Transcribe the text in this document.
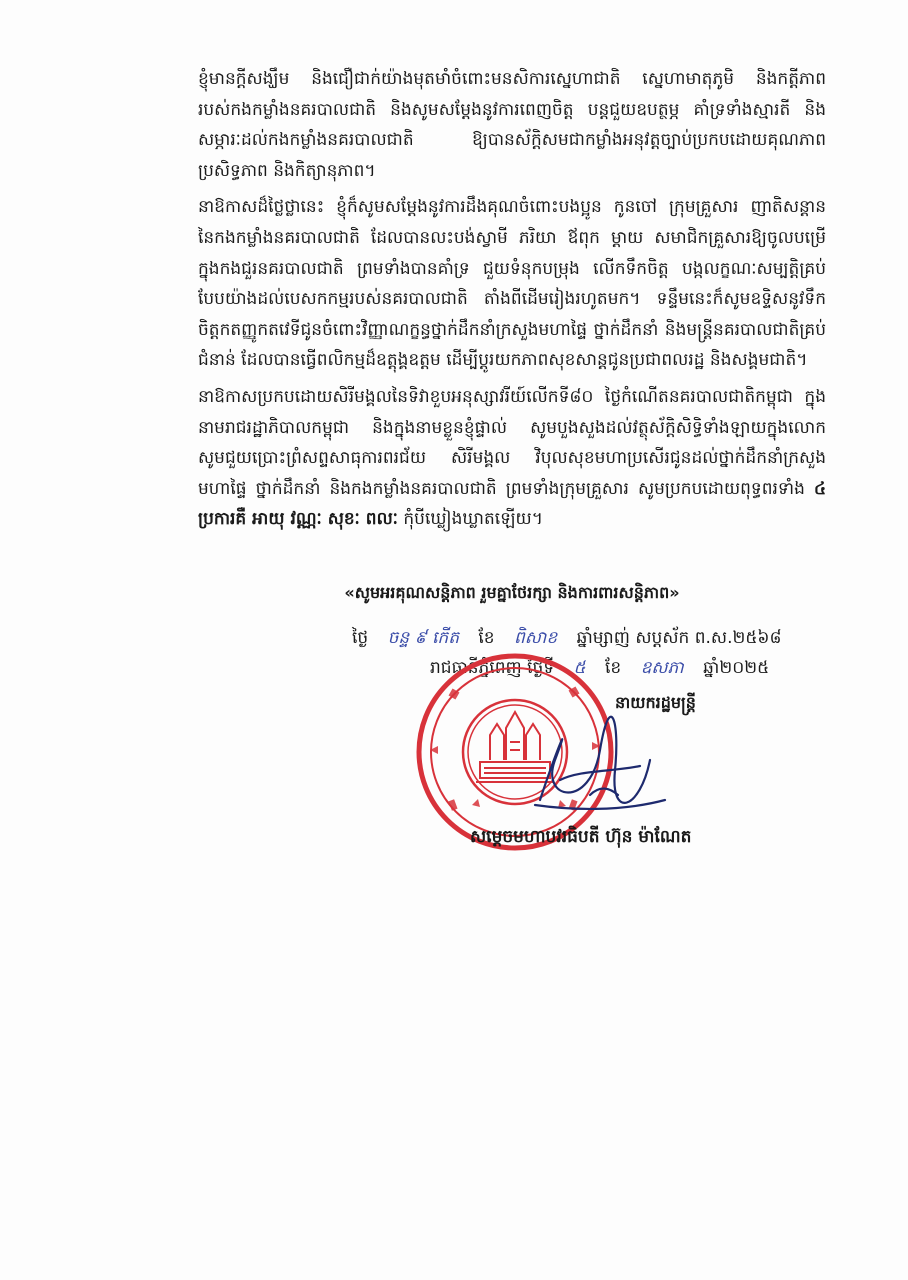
ខ្ញុំមានក្តីសង្ឃឹម និងជឿជាក់យ៉ាងមុតមាំចំពោះមនសិការស្នេហាជាតិ ស្នេហាមាតុភូមិ និងកត្តីភាពរបស់កងកម្លាំងនគរបាលជាតិ និងសូមសម្តែងនូវការពេញចិត្ត បន្តជួយឧបត្ថម្ភ គាំទ្រទាំងស្មារតី និងសម្ភារៈដល់កងកម្លាំងនគរបាលជាតិ ឱ្យបានស័ក្តិសមជាកម្លាំងអនុវត្តច្បាប់ប្រកបដោយគុណភាព ប្រសិទ្ធភាព និងកិត្យានុភាព។

នាឱកាសដ៏ថ្លៃថ្លានេះ ខ្ញុំក៏សូមសម្តែងនូវការដឹងគុណចំពោះបងប្អូន កូនចៅ ក្រុមគ្រួសារ ញាតិសន្តាននៃកងកម្លាំងនគរបាលជាតិ ដែលបានលះបង់ស្វាមី ភរិយា ឪពុក ម្តាយ សមាជិកគ្រួសារឱ្យចូលបម្រើក្នុងកងជួរនគរបាលជាតិ ព្រមទាំងបានគាំទ្រ ជួយទំនុកបម្រុង លើកទឹកចិត្ត បង្កលក្ខណៈសម្បត្តិគ្រប់បែបយ៉ាងដល់បេសកកម្មរបស់នគរបាលជាតិ តាំងពីដើមរៀងរហូតមក។ ទន្ទឹមនេះក៏សូមឧទ្ទិសនូវទឹកចិត្តកតញ្ញូកតវេទីជូនចំពោះវិញ្ញាណក្ខន្ធថ្នាក់ដឹកនាំក្រសួងមហាផ្ទៃ ថ្នាក់ដឹកនាំ និងមន្ត្រីនគរបាលជាតិគ្រប់ជំនាន់ ដែលបានធ្វើពលិកម្មដ៏ឧត្តុង្គឧត្តម ដើម្បីប្តូរយកភាពសុខសាន្តជូនប្រជាពលរដ្ឋ និងសង្គមជាតិ។

នាឱកាសប្រកបដោយសិរីមង្គលនៃទិវាខួបអនុស្សាវរីយ៍លើកទី៨០ ថ្ងៃកំណើតនគរបាលជាតិកម្ពុជា ក្នុងនាមរាជរដ្ឋាភិបាលកម្ពុជា និងក្នុងនាមខ្លួនខ្ញុំផ្ទាល់ សូមបួងសួងដល់វត្ថុស័ក្តិសិទ្ធិទាំងឡាយក្នុងលោក សូមជួយប្រោះព្រំសព្ទសាធុការពរជ័យ សិរីមង្គល វិបុលសុខមហាប្រសើរជូនដល់ថ្នាក់ដឹកនាំក្រសួងមហាផ្ទៃ ថ្នាក់ដឹកនាំ និងកងកម្លាំងនគរបាលជាតិ ព្រមទាំងក្រុមគ្រួសារ សូមប្រកបដោយពុទ្ធពរទាំង ៤ ប្រការគឺ អាយុ វណ្ណៈ សុខៈ ពលៈ កុំបីឃ្លៀងឃ្លាតឡើយ។

«សូមអរគុណសន្តិភាព រួមគ្នាថែរក្សា និងការពារសន្តិភាព»
ថ្ងៃ ចន្ទ ៩ កើត ខែ ពិសាខ ឆ្នាំម្សាញ់ សប្តស័ក ព.ស.២៥៦៨
រាជធានីភ្នំពេញ ថ្ងៃទី ៥ ខែ ឧសភា ឆ្នាំ២០២៥
នាយករដ្ឋមន្ត្រី
សម្តេចមហាបវរធិបតី ហ៊ុន ម៉ាណែត
